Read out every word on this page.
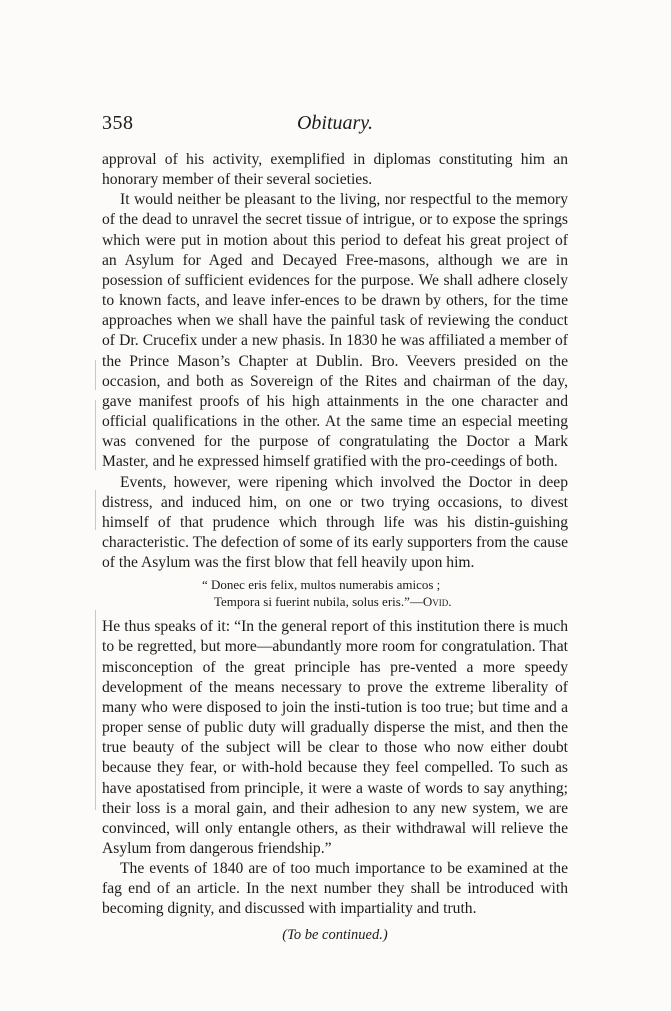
358	Obituary.

approval of his activity, exemplified in diplomas constituting him an honorary member of their several societies.

It would neither be pleasant to the living, nor respectful to the memory of the dead to unravel the secret tissue of intrigue, or to expose the springs which were put in motion about this period to defeat his great project of an Asylum for Aged and Decayed Free-masons, although we are in posession of sufficient evidences for the purpose. We shall adhere closely to known facts, and leave infer-ences to be drawn by others, for the time approaches when we shall have the painful task of reviewing the conduct of Dr. Crucefix under a new phasis. In 1830 he was affiliated a member of the Prince Mason’s Chapter at Dublin. Bro. Veevers presided on the occasion, and both as Sovereign of the Rites and chairman of the day, gave manifest proofs of his high attainments in the one character and official qualifications in the other. At the same time an especial meeting was convened for the purpose of congratulating the Doctor a Mark Master, and he expressed himself gratified with the pro-ceedings of both.

Events, however, were ripening which involved the Doctor in deep distress, and induced him, on one or two trying occasions, to divest himself of that prudence which through life was his distin-guishing characteristic. The defection of some of its early supporters from the cause of the Asylum was the first blow that fell heavily upon him.

“ Donec eris felix, multos numerabis amicos ;
Tempora si fuerint nubila, solus eris.”—Ovid.

He thus speaks of it: “In the general report of this institution there is much to be regretted, but more—abundantly more room for congratulation. That misconception of the great principle has pre-vented a more speedy development of the means necessary to prove the extreme liberality of many who were disposed to join the insti-tution is too true; but time and a proper sense of public duty will gradually disperse the mist, and then the true beauty of the subject will be clear to those who now either doubt because they fear, or with-hold because they feel compelled. To such as have apostatised from principle, it were a waste of words to say anything; their loss is a moral gain, and their adhesion to any new system, we are convinced, will only entangle others, as their withdrawal will relieve the Asylum from dangerous friendship.”

The events of 1840 are of too much importance to be examined at the fag end of an article. In the next number they shall be introduced with becoming dignity, and discussed with impartiality and truth.

(To be continued.)
